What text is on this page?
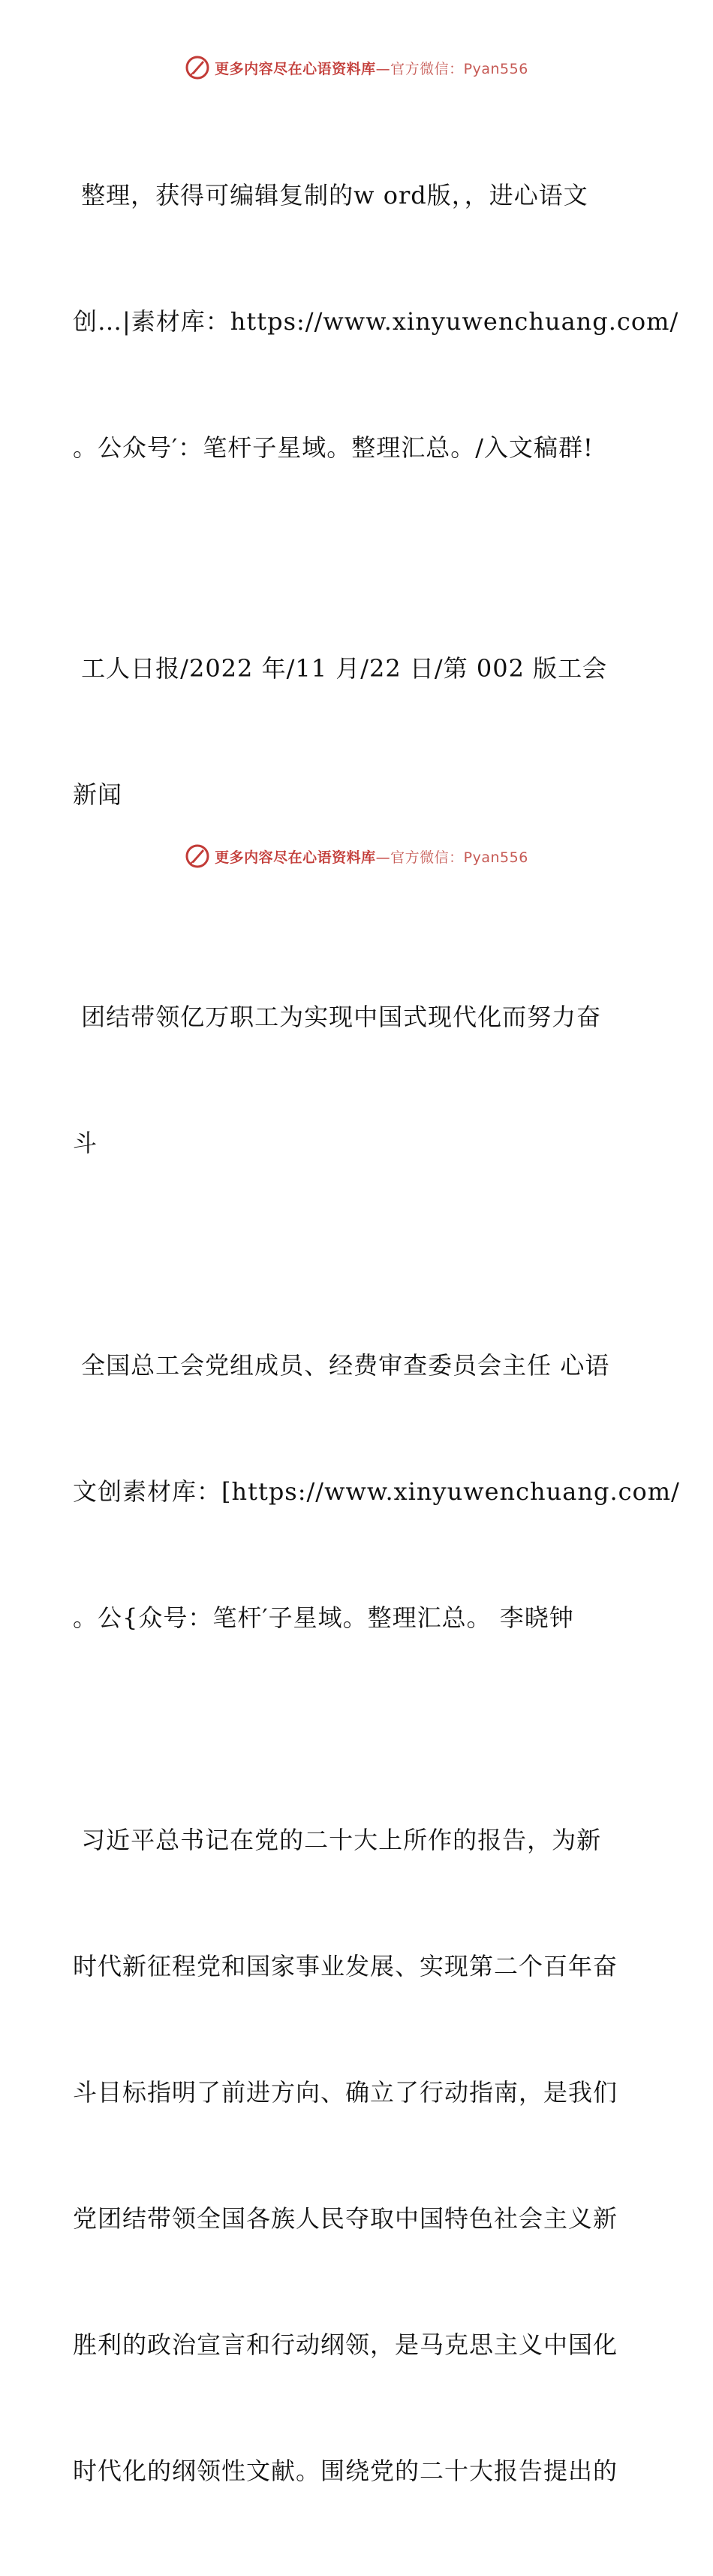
更多内容尽在心语资料库—官方微信：Pyan556

整理，获得可编辑复制的w ord版，，进心语文

创…|素材库：https://www.xinyuwenchuang.com/

。公众号′：笔杆子星域。整理汇总。/入文稿群!

工人日报/2022 年/11 月/22 日/第 002 版工会

新闻

团结带领亿万职工为实现中国式现代化而努力奋

斗

全国总工会党组成员、经费审查委员会主任 心语

文创素材库：[https://www.xinyuwenchuang.com/

。公{众号：笔杆′子星域。整理汇总。 李晓钟

习近平总书记在党的二十大上所作的报告，为新

时代新征程党和国家事业发展、实现第二个百年奋

斗目标指明了前进方向、确立了行动指南，是我们

党团结带领全国各族人民夺取中国特色社会主义新

胜利的政治宣言和行动纲领，是马克思主义中国化

时代化的纲领性文献。围绕党的二十大报告提出的

更多内容尽在心语资料库—官方微信：Pyan556
